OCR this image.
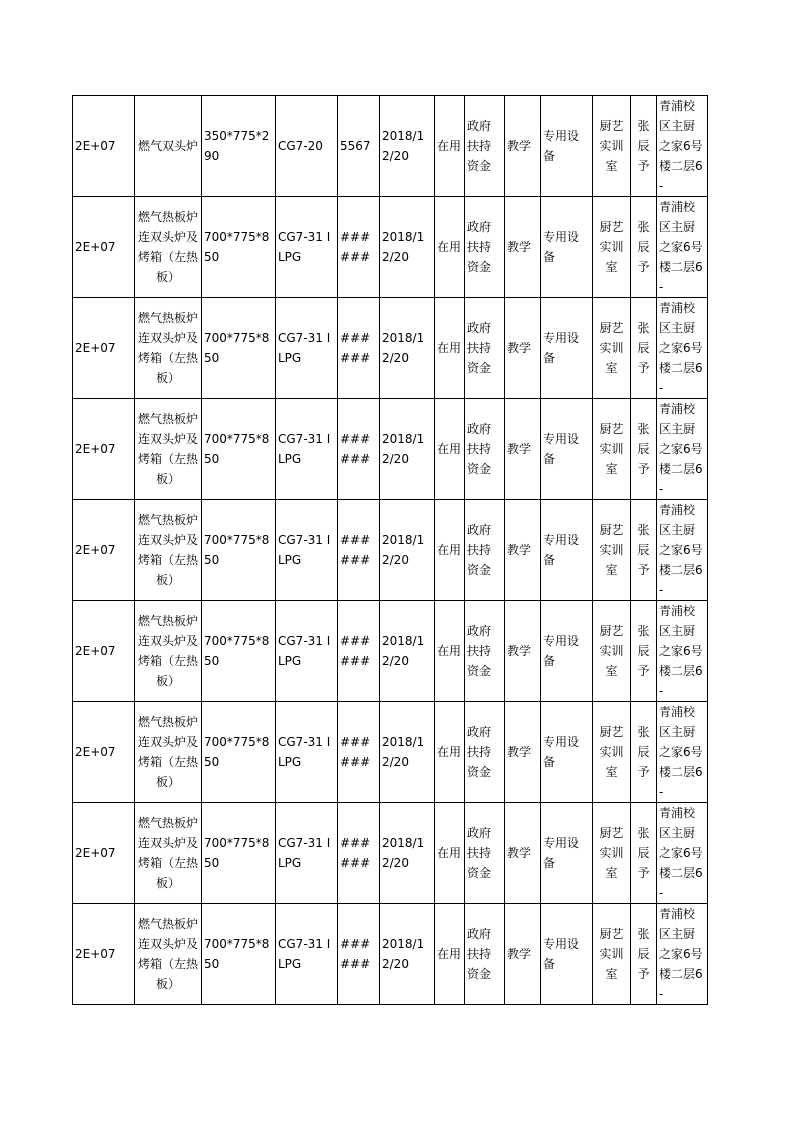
2E+07	燃气双头炉	350*775*290	CG7-20	5567	2018/12/20	在用	政府扶持资金	教学	专用设备	厨艺实训室	张辰予	青浦校区主厨之家6号楼二层6-
2E+07	燃气热板炉连双头炉及烤箱（左热板）	700*775*850	CG7-31 I LPG	######	2018/12/20	在用	政府扶持资金	教学	专用设备	厨艺实训室	张辰予	青浦校区主厨之家6号楼二层6-
2E+07	燃气热板炉连双头炉及烤箱（左热板）	700*775*850	CG7-31 I LPG	######	2018/12/20	在用	政府扶持资金	教学	专用设备	厨艺实训室	张辰予	青浦校区主厨之家6号楼二层6-
2E+07	燃气热板炉连双头炉及烤箱（左热板）	700*775*850	CG7-31 I LPG	######	2018/12/20	在用	政府扶持资金	教学	专用设备	厨艺实训室	张辰予	青浦校区主厨之家6号楼二层6-
2E+07	燃气热板炉连双头炉及烤箱（左热板）	700*775*850	CG7-31 I LPG	######	2018/12/20	在用	政府扶持资金	教学	专用设备	厨艺实训室	张辰予	青浦校区主厨之家6号楼二层6-
2E+07	燃气热板炉连双头炉及烤箱（左热板）	700*775*850	CG7-31 I LPG	######	2018/12/20	在用	政府扶持资金	教学	专用设备	厨艺实训室	张辰予	青浦校区主厨之家6号楼二层6-
2E+07	燃气热板炉连双头炉及烤箱（左热板）	700*775*850	CG7-31 I LPG	######	2018/12/20	在用	政府扶持资金	教学	专用设备	厨艺实训室	张辰予	青浦校区主厨之家6号楼二层6-
2E+07	燃气热板炉连双头炉及烤箱（左热板）	700*775*850	CG7-31 I LPG	######	2018/12/20	在用	政府扶持资金	教学	专用设备	厨艺实训室	张辰予	青浦校区主厨之家6号楼二层6-
2E+07	燃气热板炉连双头炉及烤箱（左热板）	700*775*850	CG7-31 I LPG	######	2018/12/20	在用	政府扶持资金	教学	专用设备	厨艺实训室	张辰予	青浦校区主厨之家6号楼二层6-
